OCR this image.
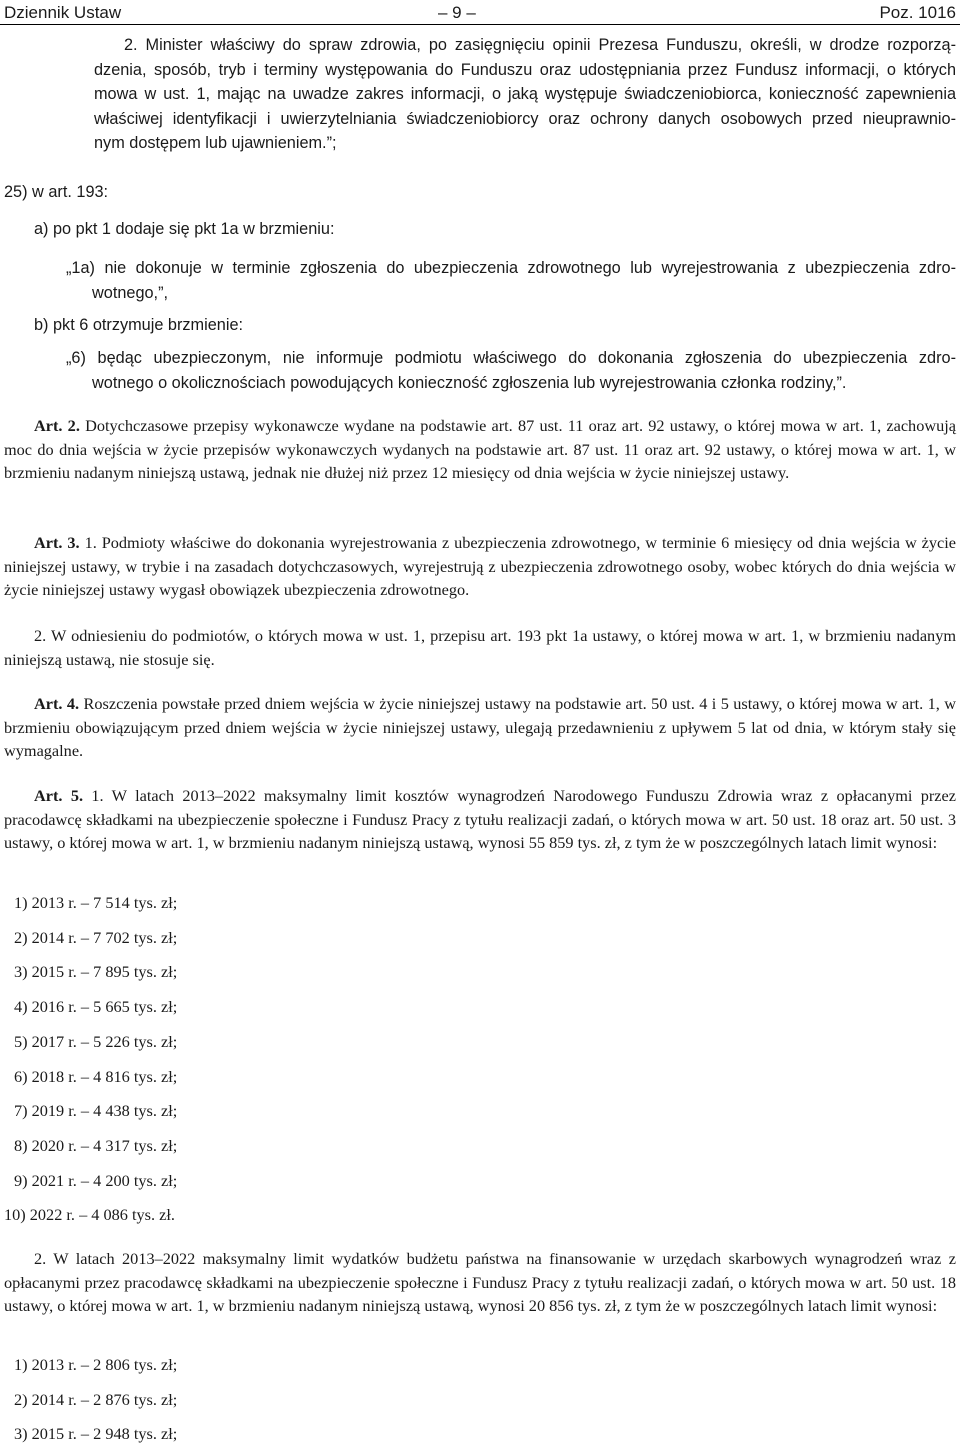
Dziennik Ustaw	– 9 –	Poz. 1016
2. Minister właściwy do spraw zdrowia, po zasięgnięciu opinii Prezesa Funduszu, określi, w drodze rozporzą-
dzenia, sposób, tryb i terminy występowania do Funduszu oraz udostępniania przez Fundusz informacji, o których
mowa w ust. 1, mając na uwadze zakres informacji, o jaką występuje świadczeniobiorca, konieczność zapewnienia
właściwej identyfikacji i uwierzytelniania świadczeniobiorcy oraz ochrony danych osobowych przed nieuprawnio-
nym dostępem lub ujawnieniem.”;
25) w art. 193:
a) po pkt 1 dodaje się pkt 1a w brzmieniu:
„1a) nie dokonuje w terminie zgłoszenia do ubezpieczenia zdrowotnego lub wyrejestrowania z ubezpieczenia zdro-
wotnego,”,
b) pkt 6 otrzymuje brzmienie:
„6) będąc ubezpieczonym, nie informuje podmiotu właściwego do dokonania zgłoszenia do ubezpieczenia zdro-
wotnego o okolicznościach powodujących konieczność zgłoszenia lub wyrejestrowania członka rodziny,”.

Art. 2. Dotychczasowe przepisy wykonawcze wydane na podstawie art. 87 ust. 11 oraz art. 92 ustawy, o której mowa w art. 1, zachowują moc do dnia wejścia w życie przepisów wykonawczych wydanych na podstawie art. 87 ust. 11 oraz art. 92 ustawy, o której mowa w art. 1, w brzmieniu nadanym niniejszą ustawą, jednak nie dłużej niż przez 12 miesięcy od dnia wejścia w życie niniejszej ustawy.

Art. 3. 1. Podmioty właściwe do dokonania wyrejestrowania z ubezpieczenia zdrowotnego, w terminie 6 miesięcy od dnia wejścia w życie niniejszej ustawy, w trybie i na zasadach dotychczasowych, wyrejestrują z ubezpieczenia zdrowotnego osoby, wobec których do dnia wejścia w życie niniejszej ustawy wygasł obowiązek ubezpieczenia zdrowotnego.

2. W odniesieniu do podmiotów, o których mowa w ust. 1, przepisu art. 193 pkt 1a ustawy, o której mowa w art. 1, w brzmieniu nadanym niniejszą ustawą, nie stosuje się.

Art. 4. Roszczenia powstałe przed dniem wejścia w życie niniejszej ustawy na podstawie art. 50 ust. 4 i 5 ustawy, o której mowa w art. 1, w brzmieniu obowiązującym przed dniem wejścia w życie niniejszej ustawy, ulegają przedawnieniu z upływem 5 lat od dnia, w którym stały się wymagalne.

Art. 5. 1. W latach 2013–2022 maksymalny limit kosztów wynagrodzeń Narodowego Funduszu Zdrowia wraz z opłacanymi przez pracodawcę składkami na ubezpieczenie społeczne i Fundusz Pracy z tytułu realizacji zadań, o których mowa w art. 50 ust. 18 oraz art. 50 ust. 3 ustawy, o której mowa w art. 1, w brzmieniu nadanym niniejszą ustawą, wynosi 55 859 tys. zł, z tym że w poszczególnych latach limit wynosi:

1) 2013 r. – 7 514 tys. zł;
2) 2014 r. – 7 702 tys. zł;
3) 2015 r. – 7 895 tys. zł;
4) 2016 r. – 5 665 tys. zł;
5) 2017 r. – 5 226 tys. zł;
6) 2018 r. – 4 816 tys. zł;
7) 2019 r. – 4 438 tys. zł;
8) 2020 r. – 4 317 tys. zł;
9) 2021 r. – 4 200 tys. zł;
10) 2022 r. – 4 086 tys. zł.

2. W latach 2013–2022 maksymalny limit wydatków budżetu państwa na finansowanie w urzędach skarbowych wynagrodzeń wraz z opłacanymi przez pracodawcę składkami na ubezpieczenie społeczne i Fundusz Pracy z tytułu realizacji zadań, o których mowa w art. 50 ust. 18 ustawy, o której mowa w art. 1, w brzmieniu nadanym niniejszą ustawą, wynosi 20 856 tys. zł, z tym że w poszczególnych latach limit wynosi:

1) 2013 r. – 2 806 tys. zł;
2) 2014 r. – 2 876 tys. zł;
3) 2015 r. – 2 948 tys. zł;
